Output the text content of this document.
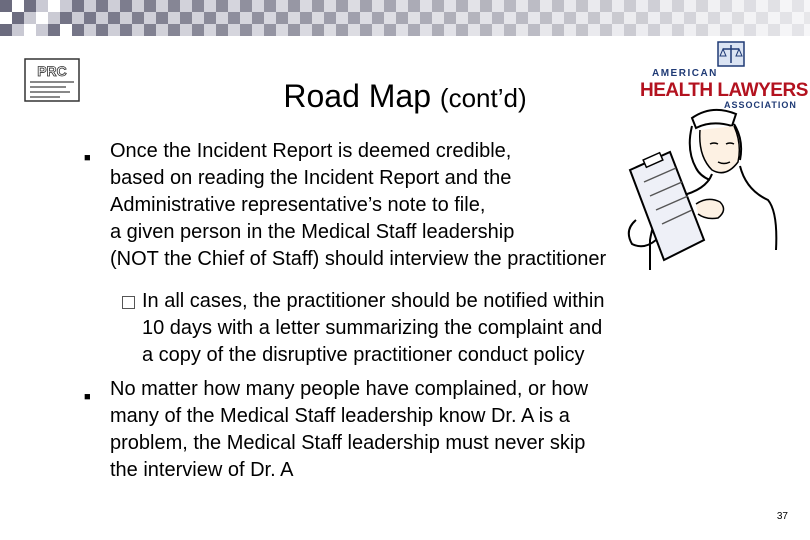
PRC
Road Map (cont’d)
AMERICAN
HEALTH LAWYERS
ASSOCIATION
■ Once the Incident Report is deemed credible,
based on reading the Incident Report and the
Administrative representative’s note to file,
a given person in the Medical Staff leadership
(NOT the Chief of Staff) should interview the practitioner
In all cases, the practitioner should be notified within
10 days with a letter summarizing the complaint and
a copy of the disruptive practitioner conduct policy
■ No matter how many people have complained, or how
many of the Medical Staff leadership know Dr. A is a
problem, the Medical Staff leadership must never skip
the interview of Dr. A
37
